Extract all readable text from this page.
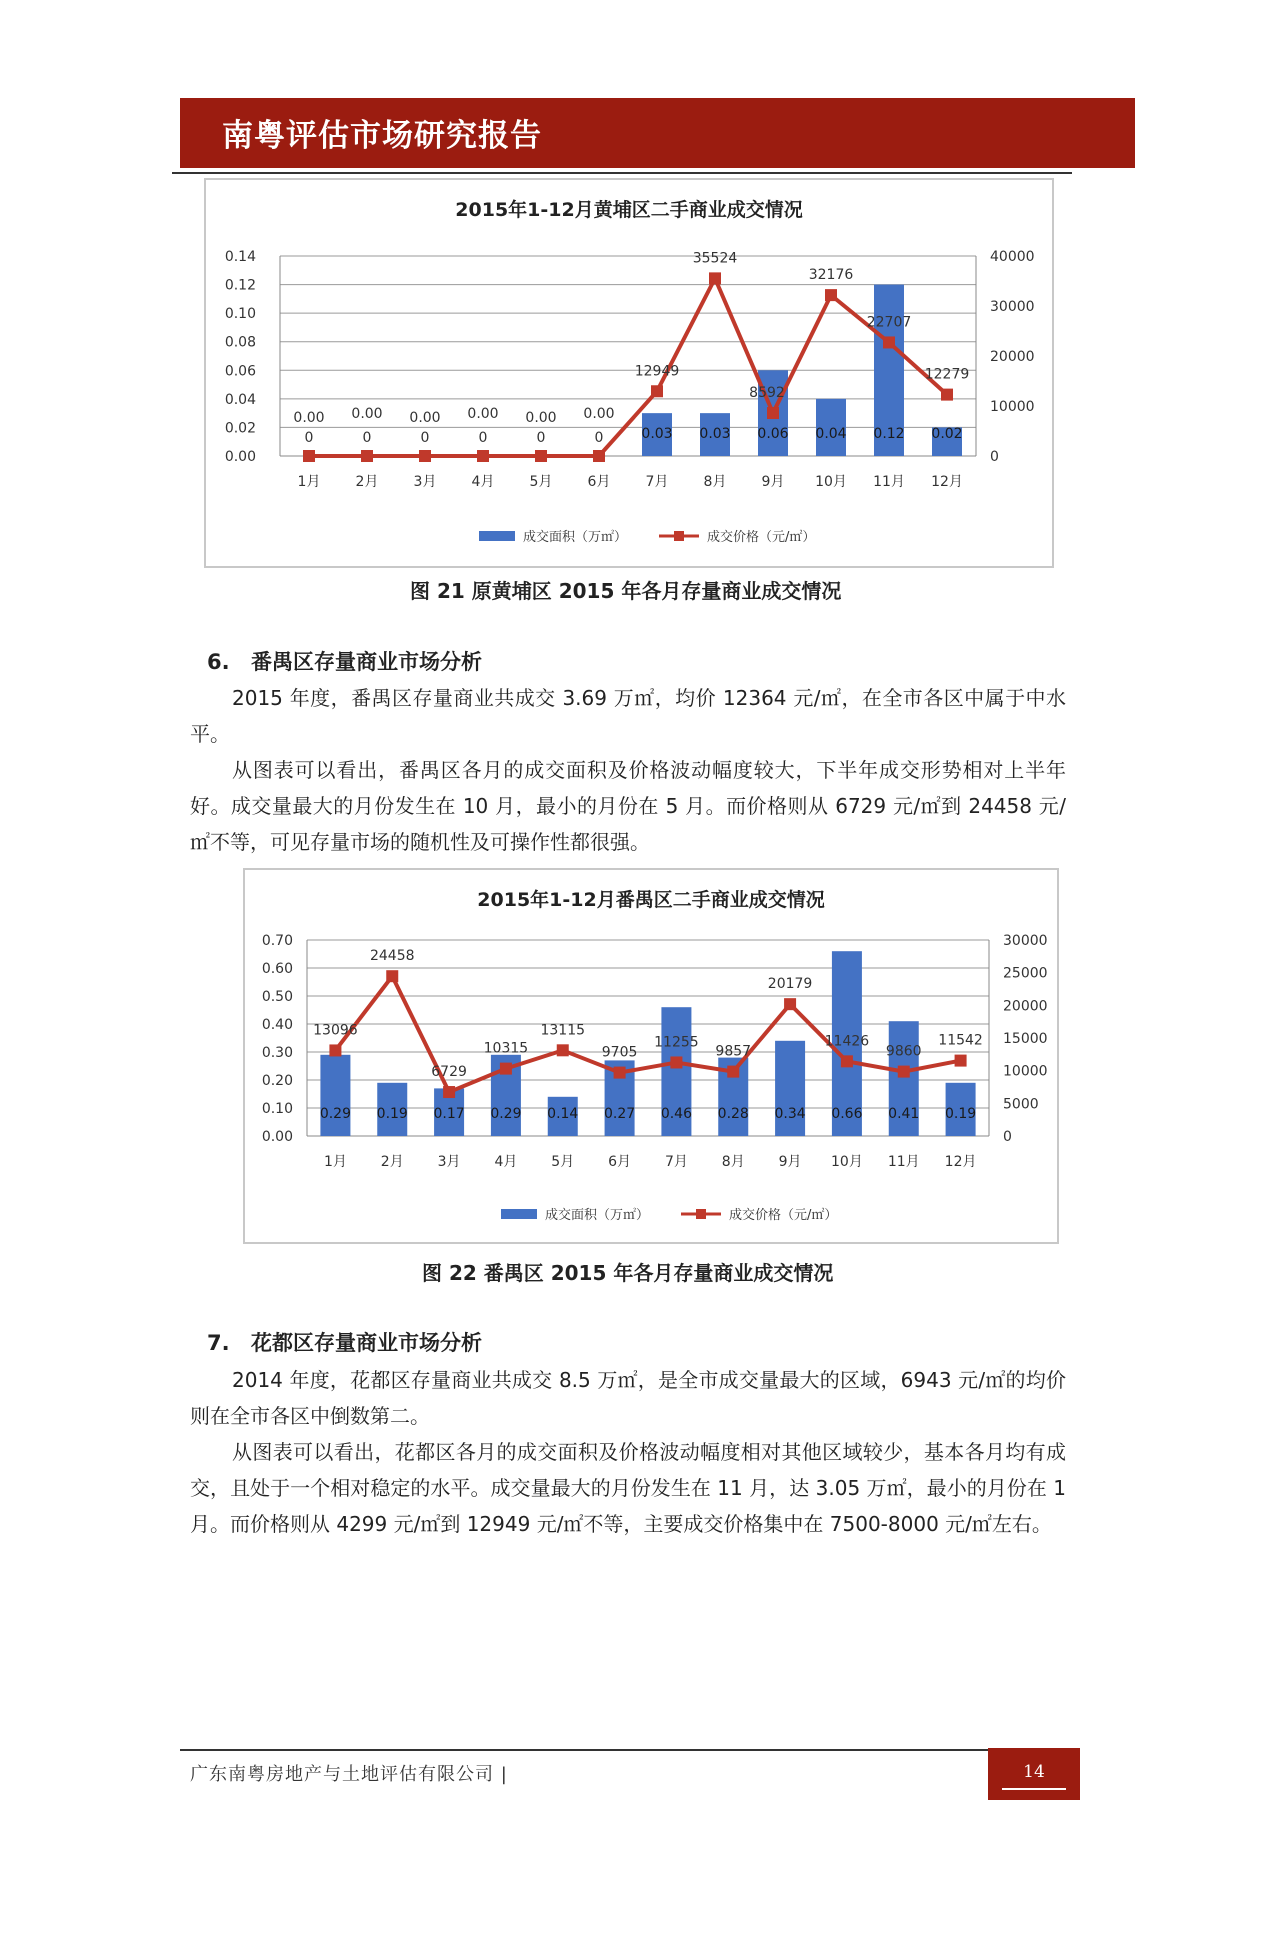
南粤评估市场研究报告
2015年1-12月黄埔区二手商业成交情况
0.00
0.02
0.04
0.06
0.08
0.10
0.12
0.14
0
10000
20000
30000
40000
0.00 0.00 0.00 0.00 0.00 0.00
0.03 0.03 0.06 0.04 0.12 0.02
1月	2月	3月	4月	5月	6月	7月	8月	9月 10月 11月 12月
0	0	0	0	0	0
12949
35524
8592
32176
22707
12279
成交面积（万㎡）	成交价格（元/㎡）
图 21 原黄埔区 2015 年各月存量商业成交情况
6. 番禺区存量商业市场分析
2015 年度，番禺区存量商业共成交 3.69 万㎡，均价 12364 元/㎡，在全市各区中属于中水平。
从图表可以看出，番禺区各月的成交面积及价格波动幅度较大，下半年成交形势相对上半年好。成交量最大的月份发生在 10 月，最小的月份在 5 月。而价格则从 6729 元/㎡到 24458 元/㎡不等，可见存量市场的随机性及可操作性都很强。
2015年1-12月番禺区二手商业成交情况
0.00
0.10
0.20
0.30
0.40
0.50
0.60
0.70
0
5000
10000
15000
20000
25000
30000
0.29 0.19 0.17 0.29 0.14 0.27 0.46 0.28 0.34 0.66 0.41 0.19
1月 2月 3月 4月 5月 6月 7月 8月 9月 10月 11月 12月
13096
24458
6729
10315
13115
9705
11255
9857
20179
11426
9860
11542
成交面积（万㎡）	成交价格（元/㎡）
图 22 番禺区 2015 年各月存量商业成交情况
7. 花都区存量商业市场分析
2014 年度，花都区存量商业共成交 8.5 万㎡，是全市成交量最大的区域，6943 元/㎡的均价则在全市各区中倒数第二。
从图表可以看出，花都区各月的成交面积及价格波动幅度相对其他区域较少，基本各月均有成交，且处于一个相对稳定的水平。成交量最大的月份发生在 11 月，达 3.05 万㎡，最小的月份在 1 月。而价格则从 4299 元/㎡到 12949 元/㎡不等，主要成交价格集中在 7500-8000 元/㎡左右。
广东南粤房地产与土地评估有限公司 |	14
